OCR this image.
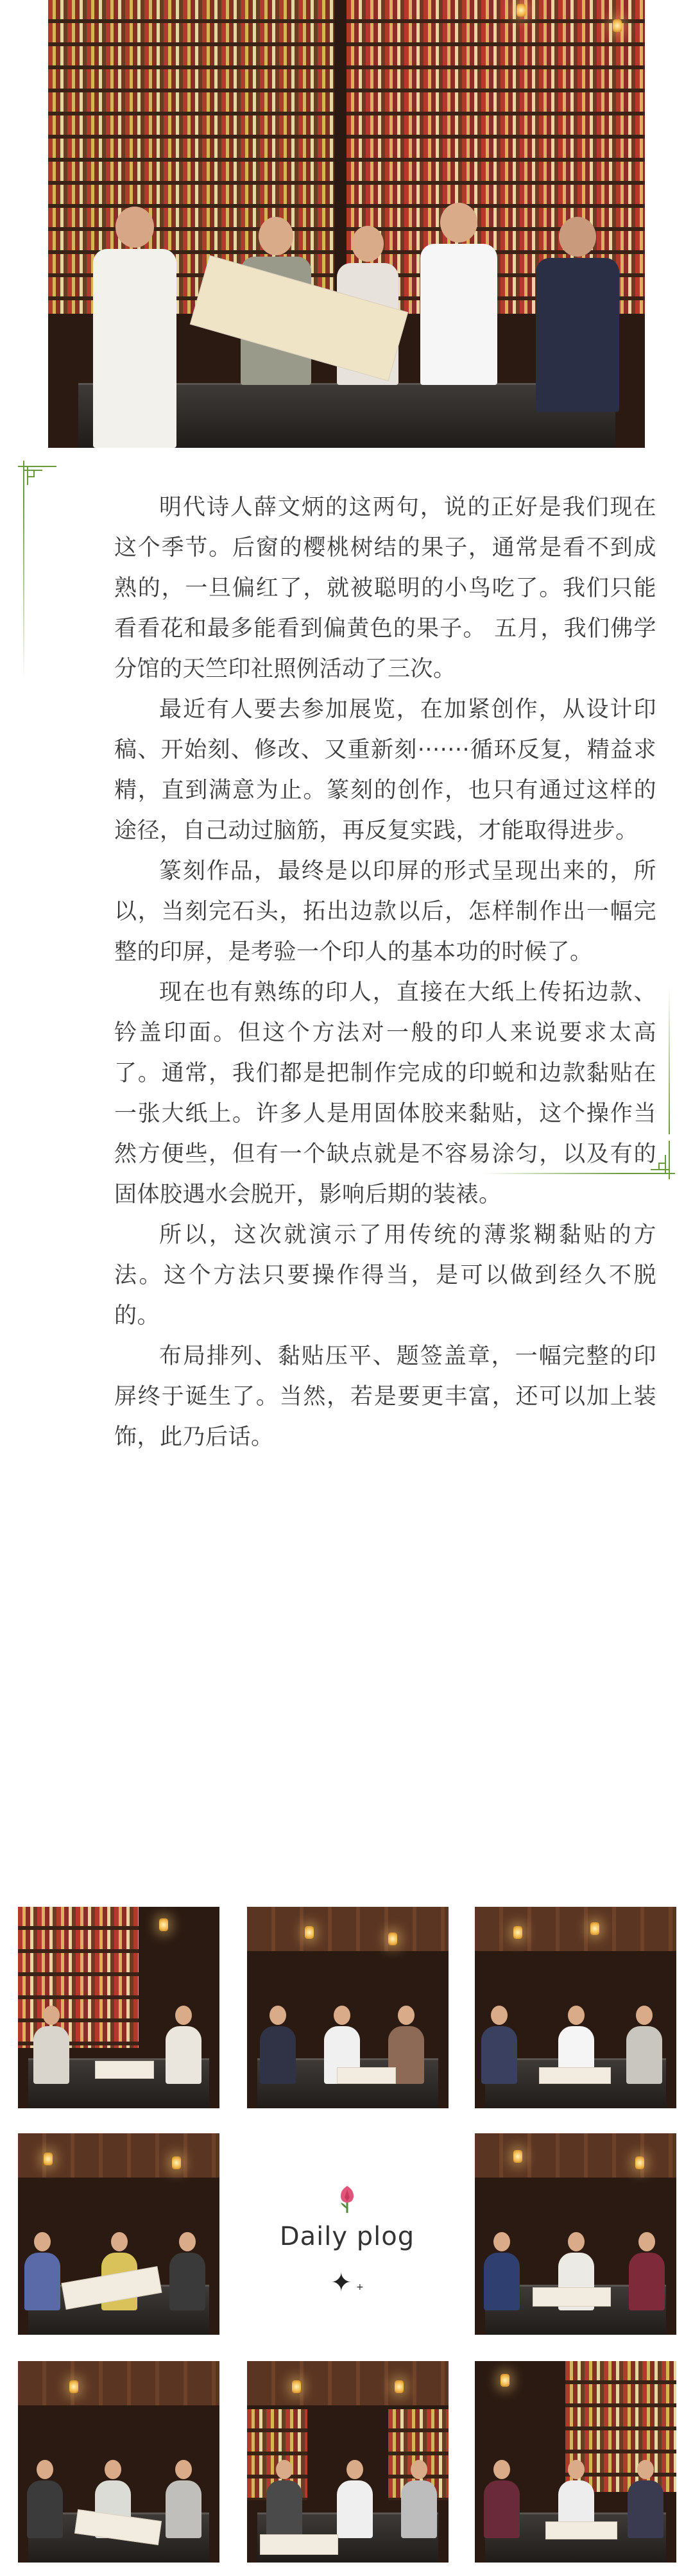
明代诗人薛文炳的这两句，说的正好是我们现在这个季节。后窗的樱桃树结的果子，通常是看不到成熟的，一旦偏红了，就被聪明的小鸟吃了。我们只能看看花和最多能看到偏黄色的果子。 五月，我们佛学分馆的天竺印社照例活动了三次。

最近有人要去参加展览，在加紧创作，从设计印稿、开始刻、修改、又重新刻·······循环反复，精益求精，直到满意为止。篆刻的创作，也只有通过这样的途径，自己动过脑筋，再反复实践，才能取得进步。

篆刻作品，最终是以印屏的形式呈现出来的，所以，当刻完石头，拓出边款以后，怎样制作出一幅完整的印屏，是考验一个印人的基本功的时候了。

现在也有熟练的印人，直接在大纸上传拓边款、钤盖印面。但这个方法对一般的印人来说要求太高了。通常，我们都是把制作完成的印蜕和边款黏贴在一张大纸上。许多人是用固体胶来黏贴，这个操作当然方便些，但有一个缺点就是不容易涂匀，以及有的固体胶遇水会脱开，影响后期的装裱。

所以，这次就演示了用传统的薄浆糊黏贴的方法。这个方法只要操作得当，是可以做到经久不脱的。

布局排列、黏贴压平、题签盖章，一幅完整的印屏终于诞生了。当然，若是要更丰富，还可以加上装饰，此乃后话。

Daily plog
✦ +
